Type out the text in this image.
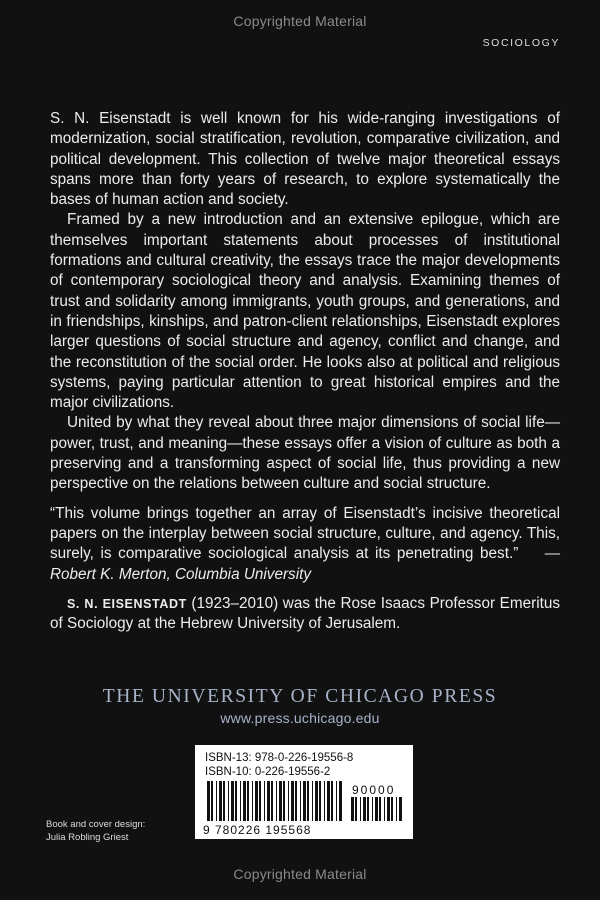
Copyrighted Material
SOCIOLOGY

S. N. Eisenstadt is well known for his wide-ranging investigations of modernization, social stratification, revolution, comparative civilization, and political development. This collection of twelve major theoretical essays spans more than forty years of research, to explore systematically the bases of human action and society.

Framed by a new introduction and an extensive epilogue, which are themselves important statements about processes of institutional formations and cultural creativity, the essays trace the major developments of contemporary sociological theory and analysis. Examining themes of trust and solidarity among immigrants, youth groups, and generations, and in friendships, kinships, and patron-client relationships, Eisenstadt explores larger questions of social structure and agency, conflict and change, and the reconstitution of the social order. He looks also at political and religious systems, paying particular attention to great historical empires and the major civilizations.

United by what they reveal about three major dimensions of social life—power, trust, and meaning—these essays offer a vision of culture as both a preserving and a transforming aspect of social life, thus providing a new perspective on the relations between culture and social structure.

“This volume brings together an array of Eisenstadt’s incisive theoretical papers on the interplay between social structure, culture, and agency. This, surely, is comparative sociological analysis at its penetrating best.” —Robert K. Merton, Columbia University

S. N. EISENSTADT (1923–2010) was the Rose Isaacs Professor Emeritus of Sociology at the Hebrew University of Jerusalem.

THE UNIVERSITY OF CHICAGO PRESS
www.press.uchicago.edu
ISBN-13: 978-0-226-19556-8
ISBN-10: 0-226-19556-2
90000
9 780226 195568
Book and cover design:
Julia Robling Griest
Copyrighted Material
